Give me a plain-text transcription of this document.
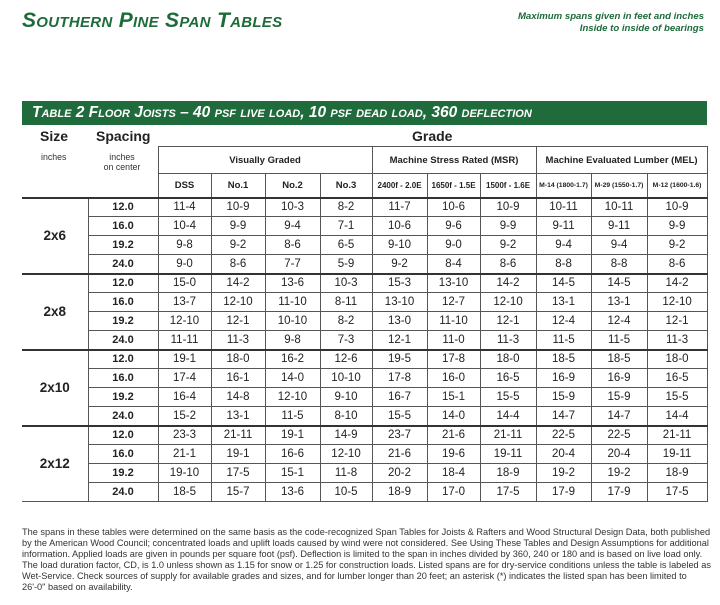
Southern Pine Span Tables	Maximum spans given in feet and inches
Inside to inside of bearings
Table 2 Floor Joists – 40 psf live load, 10 psf dead load, 360 deflection
Size
inches
Spacing
inches
on center
Grade
		Visually Graded				Machine Stress Rated (MSR)			Machine Evaluated Lumber (MEL)		
		DSS	No.1	No.2	No.3	2400f - 2.0E	1650f - 1.5E	1500f - 1.6E	M-14 (1800-1.7)	M-29 (1550-1.7)	M-12 (1600-1.6)
2x6	12.0	11-4	10-9	10-3	8-2	11-7	10-6	10-9	10-11	10-11	10-9
	16.0	10-4	9-9	9-4	7-1	10-6	9-6	9-9	9-11	9-11	9-9
	19.2	9-8	9-2	8-6	6-5	9-10	9-0	9-2	9-4	9-4	9-2
	24.0	9-0	8-6	7-7	5-9	9-2	8-4	8-6	8-8	8-8	8-6
2x8	12.0	15-0	14-2	13-6	10-3	15-3	13-10	14-2	14-5	14-5	14-2
	16.0	13-7	12-10	11-10	8-11	13-10	12-7	12-10	13-1	13-1	12-10
	19.2	12-10	12-1	10-10	8-2	13-0	11-10	12-1	12-4	12-4	12-1
	24.0	11-11	11-3	9-8	7-3	12-1	11-0	11-3	11-5	11-5	11-3
2x10	12.0	19-1	18-0	16-2	12-6	19-5	17-8	18-0	18-5	18-5	18-0
	16.0	17-4	16-1	14-0	10-10	17-8	16-0	16-5	16-9	16-9	16-5
	19.2	16-4	14-8	12-10	9-10	16-7	15-1	15-5	15-9	15-9	15-5
	24.0	15-2	13-1	11-5	8-10	15-5	14-0	14-4	14-7	14-7	14-4
2x12	12.0	23-3	21-11	19-1	14-9	23-7	21-6	21-11	22-5	22-5	21-11
	16.0	21-1	19-1	16-6	12-10	21-6	19-6	19-11	20-4	20-4	19-11
	19.2	19-10	17-5	15-1	11-8	20-2	18-4	18-9	19-2	19-2	18-9
	24.0	18-5	15-7	13-6	10-5	18-9	17-0	17-5	17-9	17-9	17-5
The spans in these tables were determined on the same basis as the code-recognized Span Tables for Joists & Rafters and Wood Structural Design Data, both published by the American Wood Council; concentrated loads and uplift loads caused by wind were not considered. See Using These Tables and Design Assumptions for additional information. Applied loads are given in pounds per square foot (psf). Deflection is limited to the span in inches divided by 360, 240 or 180 and is based on live load only. The load duration factor, CD, is 1.0 unless shown as 1.15 for snow or 1.25 for construction loads. Listed spans are for dry-service conditions unless the table is labeled as Wet-Service. Check sources of supply for available grades and sizes, and for lumber longer than 20 feet; an asterisk (*) indicates the listed span has been limited to 26'-0" based on availability.
